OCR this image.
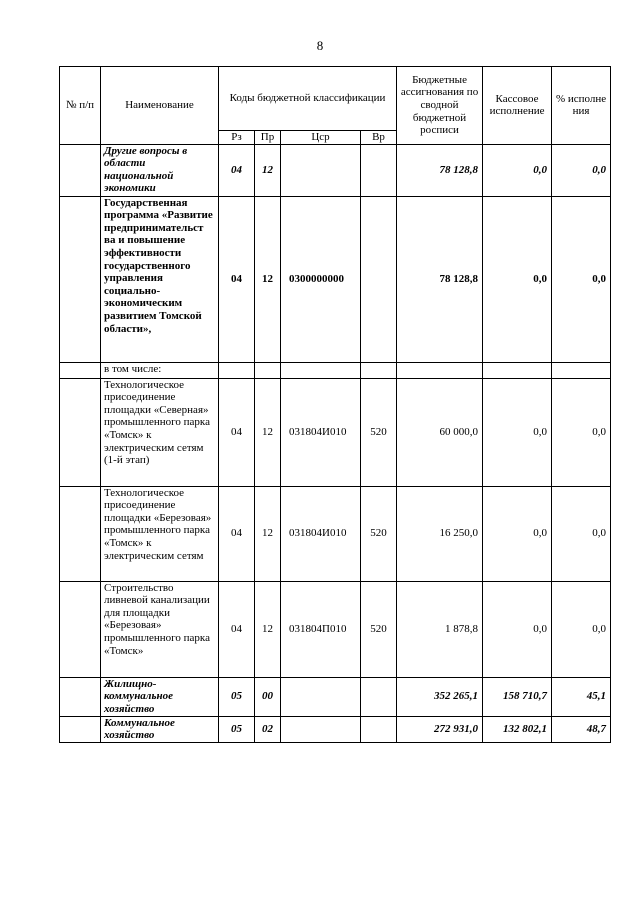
8
№ п/п	Наименование	Коды бюджетной классификации				Бюджетные ассигнования по сводной бюджетной росписи	Кассовое исполнение	% исполне ния
		Рз	Пр	Цср	Вр			
	Другие вопросы в области национальной экономики	04	12			78 128,8	0,0	0,0
	Государственная программа «Развитие предпринимательст ва и повышение эффективности государственного управления социально-экономическим развитием Томской области»,	04	12	0300000000		78 128,8	0,0	0,0
	в том числе:							
	Технологическое присоединение площадки «Северная» промышленного парка «Томск» к электрическим сетям (1-й этап)	04	12	031804И010	520	60 000,0	0,0	0,0
	Технологическое присоединение площадки «Березовая» промышленного парка «Томск» к электрическим сетям	04	12	031804И010	520	16 250,0	0,0	0,0
	Строительство ливневой канализации для площадки «Березовая» промышленного парка «Томск»	04	12	031804П010	520	1 878,8	0,0	0,0
	Жилищно-коммунальное хозяйство	05	00			352 265,1	158 710,7	45,1
	Коммунальное хозяйство	05	02			272 931,0	132 802,1	48,7
